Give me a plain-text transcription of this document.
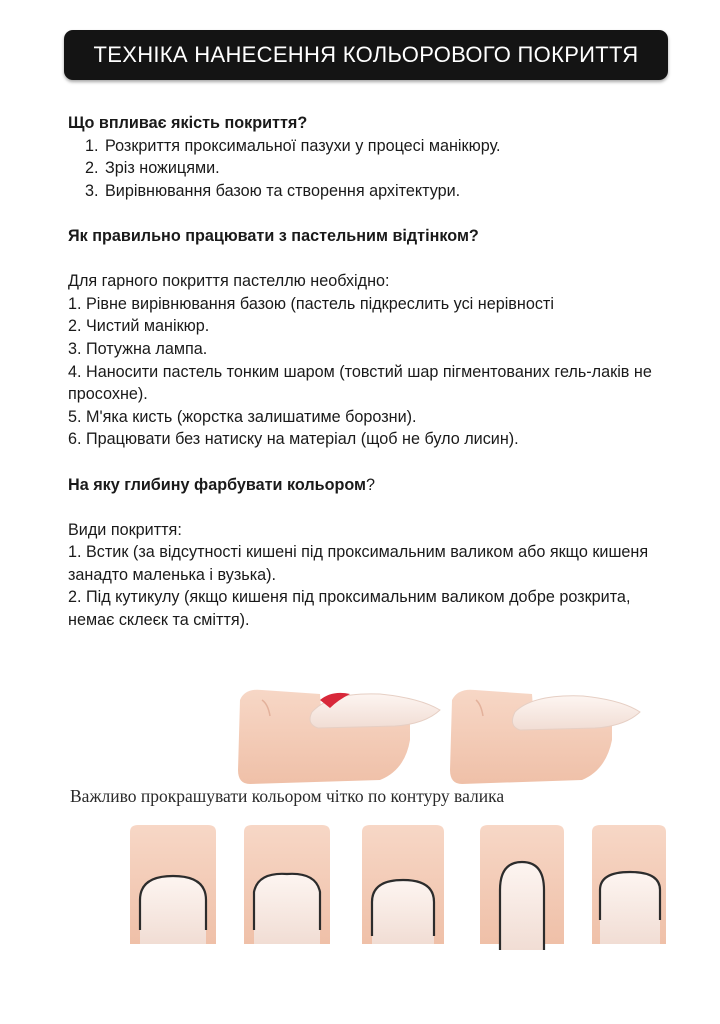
ТЕХНІКА НАНЕСЕННЯ КОЛЬОРОВОГО ПОКРИТТЯ

Що впливає якість покриття?

1. Розкриття проксимальної пазухи у процесі манікюру.
2. Зріз ножицями.
3. Вирівнювання базою та створення архітектури.

Як правильно працювати з пастельним відтінком?

Для гарного покриття пастеллю необхідно:

1. Рівне вирівнювання базою (пастель підкреслить усі нерівності

2. Чистий манікюр.

3. Потужна лампа.

4. Наносити пастель тонким шаром (товстий шар пігментованих гель-лаків не просохне).

5. М'яка кисть (жорстка залишатиме борозни).

6. Працювати без натиску на матеріал (щоб не було лисин).

На яку глибину фарбувати кольором?

Види покриття:

1. Встик (за відсутності кишені під проксимальним валиком або якщо кишеня занадто маленька і вузька).

2. Під кутикулу (якщо кишеня під проксимальним валиком добре розкрита, немає склеєк та сміття).

Важливо прокрашувати кольором чітко по контуру валика
